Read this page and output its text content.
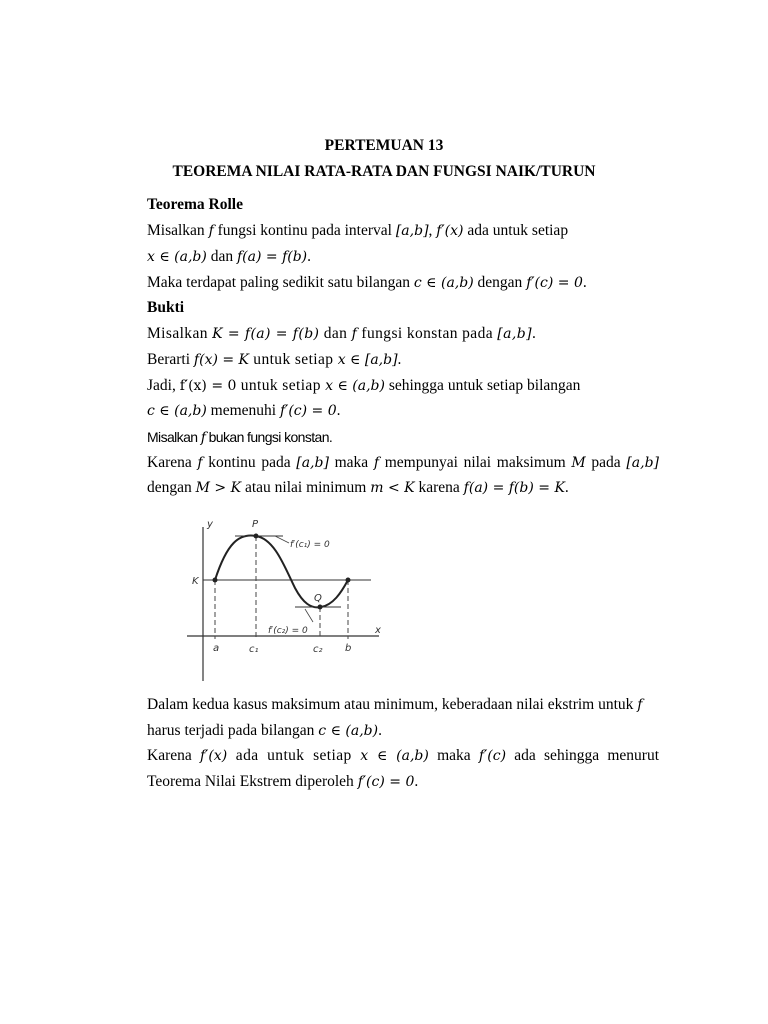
PERTEMUAN 13
TEOREMA NILAI RATA-RATA DAN FUNGSI NAIK/TURUN
Teorema Rolle
Misalkan f fungsi kontinu pada interval [a,b], f′(x) ada untuk setiap
x ∈ (a,b) dan f(a) = f(b).
Maka terdapat paling sedikit satu bilangan c ∈ (a,b) dengan f′(c) = 0.
Bukti
Misalkan K = f(a) = f(b) dan f fungsi konstan pada [a,b].
Berarti f(x) = K untuk setiap x ∈ [a,b].
Jadi, f′(x) = 0 untuk setiap x ∈ (a,b) sehingga untuk setiap bilangan
c ∈ (a,b) memenuhi f′(c) = 0.
Misalkan f bukan fungsi konstan.
Karena f kontinu pada [a,b] maka f mempunyai nilai maksimum M pada [a,b]
dengan M > K atau nilai minimum m < K karena f(a) = f(b) = K.
y
x
P
Q
K
a	c₁	c₂ b
f′(c₁) = 0
f′(c₂) = 0
Dalam kedua kasus maksimum atau minimum, keberadaan nilai ekstrim untuk f
harus terjadi pada bilangan c ∈ (a,b).
Karena f′(x) ada untuk setiap x ∈ (a,b) maka f′(c) ada sehingga menurut
Teorema Nilai Ekstrem diperoleh f′(c) = 0.
